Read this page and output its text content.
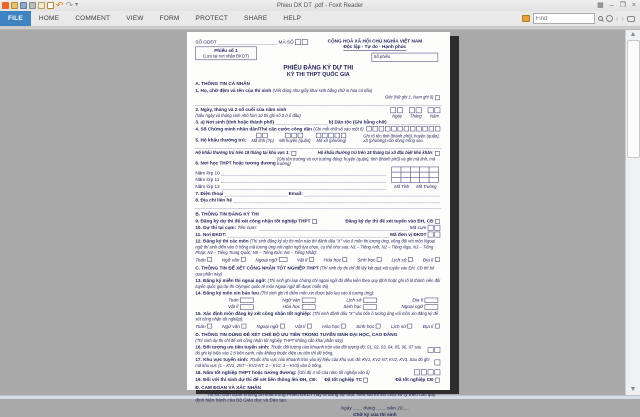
↶ ↷ ▾	Phieu DK DT .pdf - Foxit Reader	▦ – ❐ ×
FILE	HOME	COMMENT	VIEW	FORM	PROTECT	SHARE	HELP
Find	‹ ›
SỐ GDĐT	MÃ SỐ

Phiếu số 1
(Lưu tại nơi nhận ĐKDT)
CỘNG HOÀ XÃ HỘI CHỦ NGHĨA VIỆT NAM
Độc lập - Tự do - Hạnh phúc
Số phiếu
PHIẾU ĐĂNG KÝ DỰ THI
KỲ THI THPT QUỐC GIA
A. THÔNG TIN CÁ NHÂN
1. Họ, chữ đệm và tên của thí sinh
(Viết đúng như giấy khai sinh bằng chữ in hoa có dấu)
Giới (Nữ ghi 1, Nam ghi 0)
2. Ngày, tháng và 2 số cuối của năm sinh
(Nếu ngày và tháng sinh nhỏ hơn 10 thì ghi số 0 ở ô đầu)	Ngày Tháng Năm
3. a) Nơi sinh (tỉnh hoặc thành phố)	b) Dân tộc (Ghi bằng chữ)
4. Số Chứng minh nhân dân/Thẻ căn cước công dân
(Ghi mỗi chữ số vào một ô)
5. Hộ khẩu thường trú: Mã tỉnh (Tp) Mã huyện (quận) Mã xã (phường)
Ghi rõ tên tỉnh (thành phố), huyện (quận), xã (phường) vào dòng trống sau
Hộ khẩu thường trú trên 18 tháng tại khu vực 1:	Hộ khẩu thường trú trên 18 tháng tại xã đặc biệt khó khăn:
6. Nơi học THPT hoặc tương đương

(Ghi tên trường và nơi trường đóng: huyện (quận), tỉnh (thành phố) và ghi mã tỉnh, mã trường)
Năm lớp 10
Năm lớp 11
Năm lớp 12	Mã Tỉnh Mã Trường
7. Điện thoại	Email:
8. Địa chỉ liên hệ
B. THÔNG TIN ĐĂNG KÝ THI
9. Đăng ký dự thi để xét công nhận tốt nghiệp THPT	Đăng ký dự thi để xét tuyển vào ĐH, CĐ
10. Dự thi tại cụm:
Tên cụm:	Mã cụm

11. Nơi ĐKDT:	Mã đơn vị ĐKDT

12. Đăng ký thi các môn (Thí sinh đăng ký dự thi môn nào thì đánh dấu "X" vào ô môn thi tương ứng, riêng đối với môn Ngoại ngữ thí sinh điền vào ô trống mã tương ứng với ngôn ngữ lựa chọn, cụ thể như sau: N1 – Tiếng Anh, N2 – Tiếng Nga, N3 – Tiếng Pháp; N4 – Tiếng Trung Quốc; N5 – Tiếng Đức; N6 – Tiếng Nhật):
Toán	Ngữ văn	Ngoại ngữ	Vật lí	Hóa học	Sinh học	Lịch sử	Địa lí
C. THÔNG TIN ĐỂ XÉT CÔNG NHẬN TỐT NGHIỆP THPT (Thí sinh dự thi chỉ để lấy kết quả xét tuyển vào ĐH, CĐ thì bỏ qua phần này)
13. Đăng ký miễn thi ngoại ngữ: (Thí sinh ghi loại chứng chỉ ngoại ngữ đủ điều kiện theo quy định hoặc ghi rõ là thành viên đội tuyển quốc gia dự thi Olympic quốc tế môn Ngoại ngữ để được miễn thi)
14. Đăng ký môn xin bảo lưu (Thí sinh ghi rõ điểm môn xin được bảo lưu vào ô tương ứng):
Toán	Ngữ văn	Lịch sử	Địa lí
Vật lí	Hóa học	Sinh học	Ngoại ngữ
15. Xác định môn đăng ký xét công nhận tốt nghiệp: (Thí sinh đánh dấu "X" vào bốn ô tương ứng với môn xin đăng ký để xét công nhận tốt nghiệp):
Toán	Ngữ văn	Ngoại ngữ	Vật lí	Hóa học	Sinh học	Lịch sử	Địa lí
D. THÔNG TIN DÙNG ĐỂ XÉT CHẾ ĐỘ ƯU TIÊN TRONG TUYỂN SINH ĐẠI HỌC, CAO ĐẲNG
(Thí sinh dự thi chỉ để xét công nhận tốt nghiệp THPT không cần khai phần này)
16. Đối tượng ưu tiên tuyển sinh: Thuộc đối tượng nào khoanh tròn vào đối tượng đó: 01, 02, 03, 04, 05, 06, 07 sau đó ghi ký hiệu vào 2 ô bên cạnh, nếu không thuộc diện ưu tiên thì để trống.
17. Khu vực tuyển sinh: Thuộc khu vực nào khoanh tròn vào ký hiệu của khu vực đó: KV1, KV2-NT, KV2, KV3. Sau đó ghi mã khu vực (1 – KV1, 2NT – KV2-NT, 2 – KV2, 3 – KV3) vào ô trống.
18. Năm tốt nghiệp THPT hoặc tương đương:
(Ghi đủ 4 số của năm tốt nghiệp vào ô)
19. Đối với thí sinh dự thi để xét liên thông lên ĐH, CĐ: Đã tốt nghiệp TC	Đã tốt nghiệp CĐ
Đ. CAM ĐOAN VÀ XÁC NHẬN
Tôi xin cam đoan những lời khai trong Phiếu ĐKDT này là đúng sự thật. Nếu sai tôi xin chịu xử lý theo các quy định hiện hành của Bộ Giáo dục và Đào tạo.
Ngày ....... tháng ....... năm 20.....
Chữ ký của thí sinh
▲
▼
